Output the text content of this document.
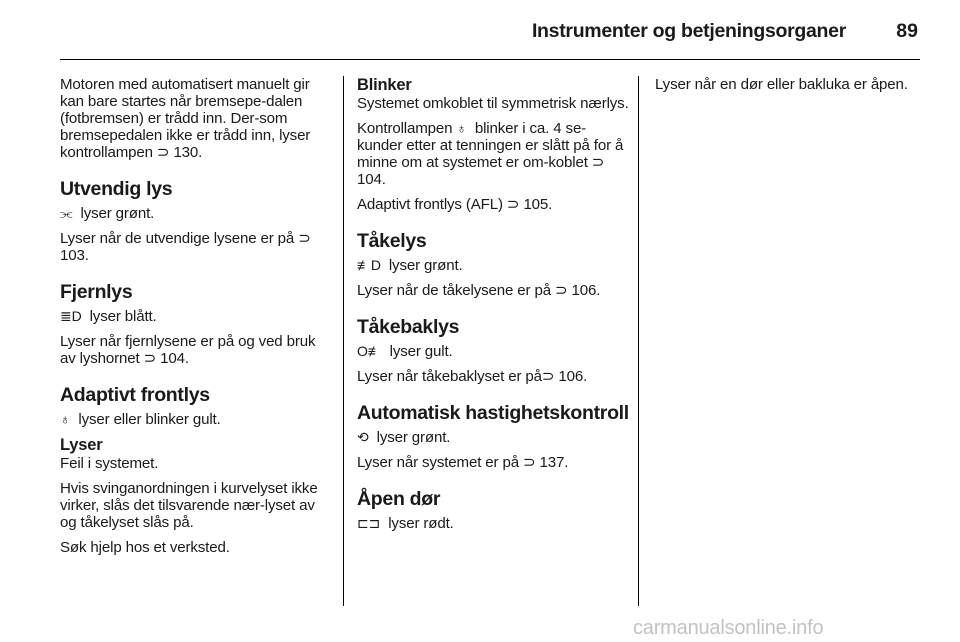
Instrumenter og betjeningsorganer	89

Motoren med automatisert manuelt gir kan bare startes når bremsepe-dalen (fotbremsen) er trådd inn. Der-som bremsepedalen ikke er trådd inn, lyser kontrollampen ⊃ 130.

Utvendig lys

⫘ lyser grønt.

Lyser når de utvendige lysene er på ⊃ 103.

Fjernlys

≣D lyser blått.

Lyser når fjernlysene er på og ved bruk av lyshornet ⊃ 104.

Adaptivt frontlys

♁ lyser eller blinker gult.

Lyser

Feil i systemet.

Hvis svinganordningen i kurvelyset ikke virker, slås det tilsvarende nær-lyset av og tåkelyset slås på.

Søk hjelp hos et verksted.

Blinker

Systemet omkoblet til symmetrisk nærlys.

Kontrollampen ♁ blinker i ca. 4 se-kunder etter at tenningen er slått på for å minne om at systemet er om-koblet ⊃ 104.

Adaptivt frontlys (AFL) ⊃ 105.

Tåkelys

≢D lyser grønt.

Lyser når de tåkelysene er på ⊃ 106.

Tåkebaklys

O≢ lyser gult.

Lyser når tåkebaklyset er på⊃ 106.

Automatisk hastighetskontroll

⟲ lyser grønt.

Lyser når systemet er på ⊃ 137.

Åpen dør

⊏⊐ lyser rødt.

Lyser når en dør eller bakluka er åpen.

carmanualsonline.info
